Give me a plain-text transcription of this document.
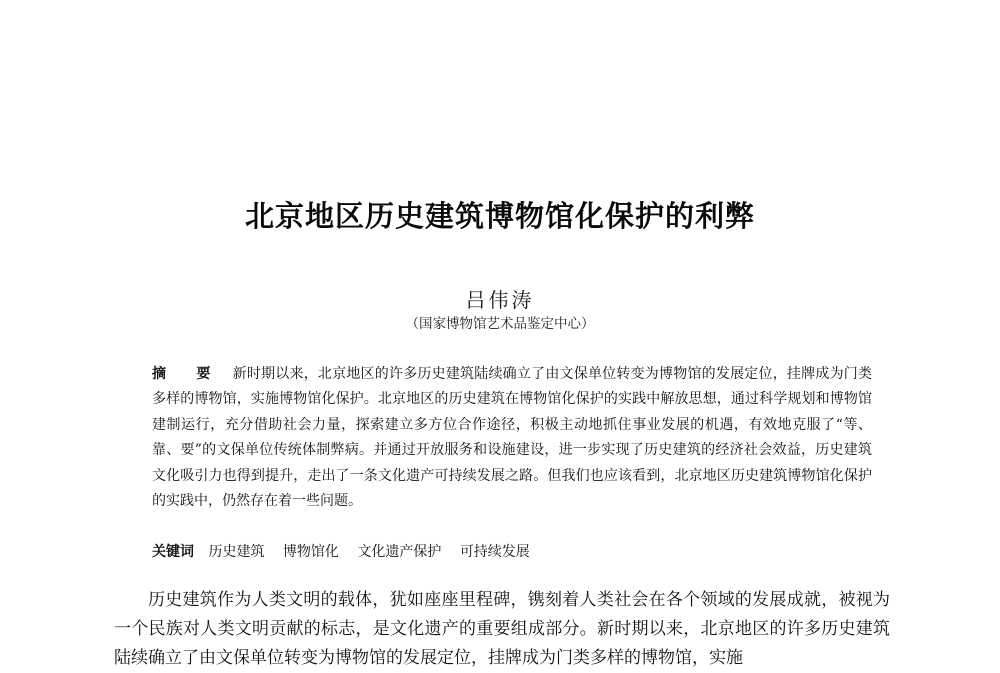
北京地区历史建筑博物馆化保护的利弊
吕伟涛
（国家博物馆艺术品鉴定中心）
摘　要 新时期以来，北京地区的许多历史建筑陆续确立了由文保单位转变为博物馆的发展定位，挂牌成为门类多样的博物馆，实施博物馆化保护。北京地区的历史建筑在博物馆化保护的实践中解放思想，通过科学规划和博物馆建制运行，充分借助社会力量，探索建立多方位合作途径，积极主动地抓住事业发展的机遇，有效地克服了“等、靠、要”的文保单位传统体制弊病。并通过开放服务和设施建设，进一步实现了历史建筑的经济社会效益，历史建筑文化吸引力也得到提升，走出了一条文化遗产可持续发展之路。但我们也应该看到，北京地区历史建筑博物馆化保护的实践中，仍然存在着一些问题。
关键词 历史建筑 博物馆化 文化遗产保护 可持续发展

历史建筑作为人类文明的载体，犹如座座里程碑，镌刻着人类社会在各个领域的发展成就，被视为一个民族对人类文明贡献的标志，是文化遗产的重要组成部分。新时期以来，北京地区的许多历史建筑陆续确立了由文保单位转变为博物馆的发展定位，挂牌成为门类多样的博物馆，实施
